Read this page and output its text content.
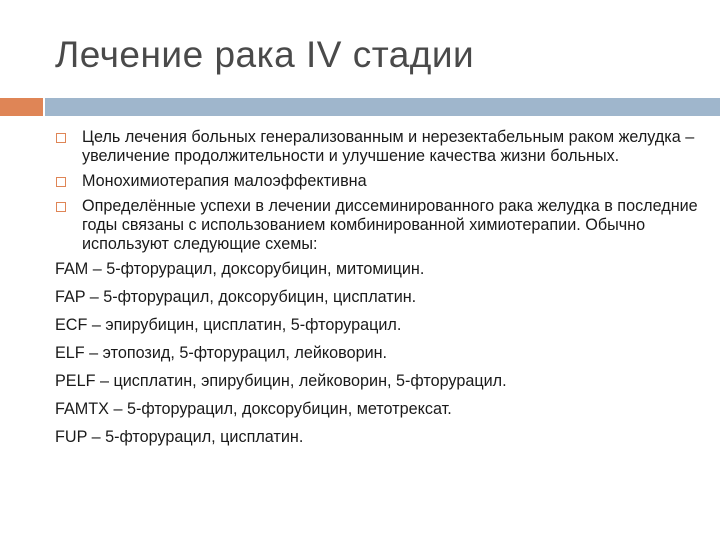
Лечение рака IV стадии
Цель лечения больных генерализованным и нерезектабельным раком желудка – увеличение продолжительности и улучшение качества жизни больных.
Монохимиотерапия малоэффективна
Определённые успехи в лечении диссеминированного рака желудка в последние годы связаны с использованием комбинированной химиотерапии. Обычно используют следующие схемы:
FAM – 5-фторурацил, доксорубицин, митомицин.
FAP – 5-фторурацил, доксорубицин, цисплатин.
ECF – эпирубицин, цисплатин, 5-фторурацил.
ELF – этопозид, 5-фторурацил, лейковорин.
PELF – цисплатин, эпирубицин, лейковорин, 5-фторурацил.
FAMTX – 5-фторурацил, доксорубицин, метотрексат.
FUP – 5-фторурацил, цисплатин.
